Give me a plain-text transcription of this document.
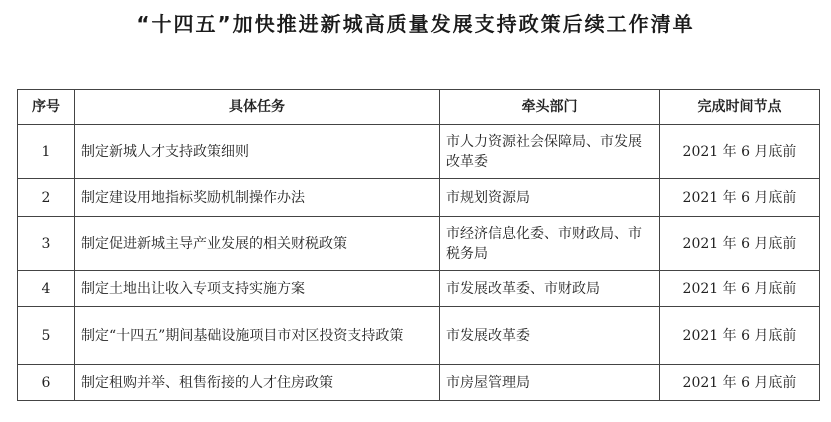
“十四五”加快推进新城高质量发展支持政策后续工作清单
序号	具体任务	牵头部门	完成时间节点
1	制定新城人才支持政策细则	市人力资源社会保障局、市发展改革委	2021 年 6 月底前
2	制定建设用地指标奖励机制操作办法	市规划资源局	2021 年 6 月底前
3	制定促进新城主导产业发展的相关财税政策	市经济信息化委、市财政局、市税务局	2021 年 6 月底前
4	制定土地出让收入专项支持实施方案	市发展改革委、市财政局	2021 年 6 月底前
5	制定“十四五”期间基础设施项目市对区投资支持政策	市发展改革委	2021 年 6 月底前
6	制定租购并举、租售衔接的人才住房政策	市房屋管理局	2021 年 6 月底前
